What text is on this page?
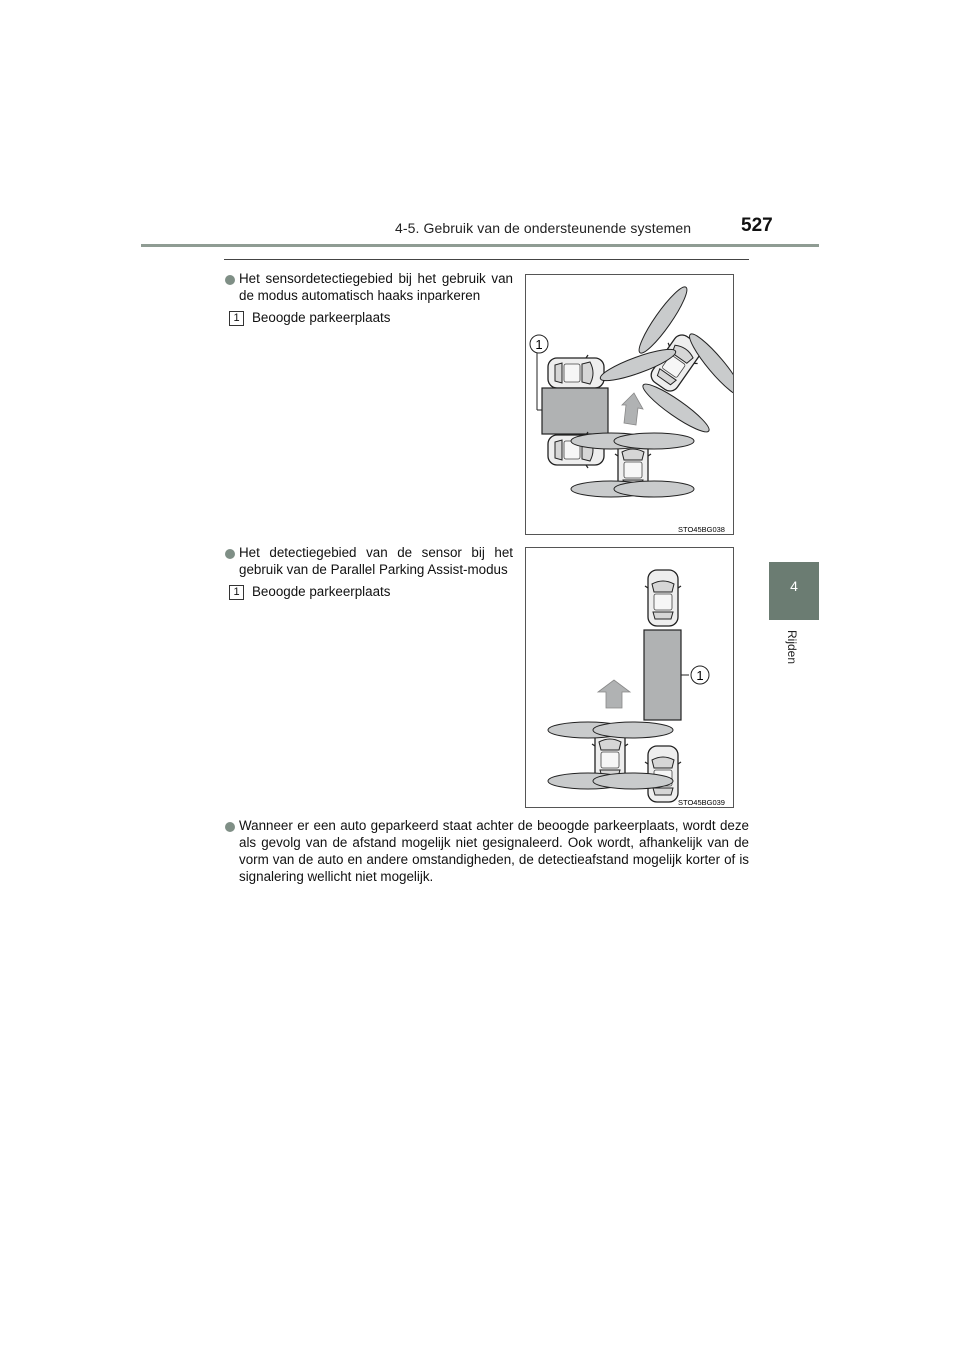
4-5. Gebruik van de ondersteunende systemen	527
4
Rijden
Het sensordetectiegebied bij het gebruik van de modus automatisch haaks inparkeren
1 Beoogde parkeerplaats
1
STO45BG038
Het detectiegebied van de sensor bij het gebruik van de Parallel Parking Assist-modus
1 Beoogde parkeerplaats
1
STO45BG039
Wanneer er een auto geparkeerd staat achter de beoogde parkeerplaats, wordt deze als gevolg van de afstand mogelijk niet gesignaleerd. Ook wordt, afhankelijk van de vorm van de auto en andere omstandigheden, de detectieafstand mogelijk korter of is signalering wellicht niet mogelijk.
